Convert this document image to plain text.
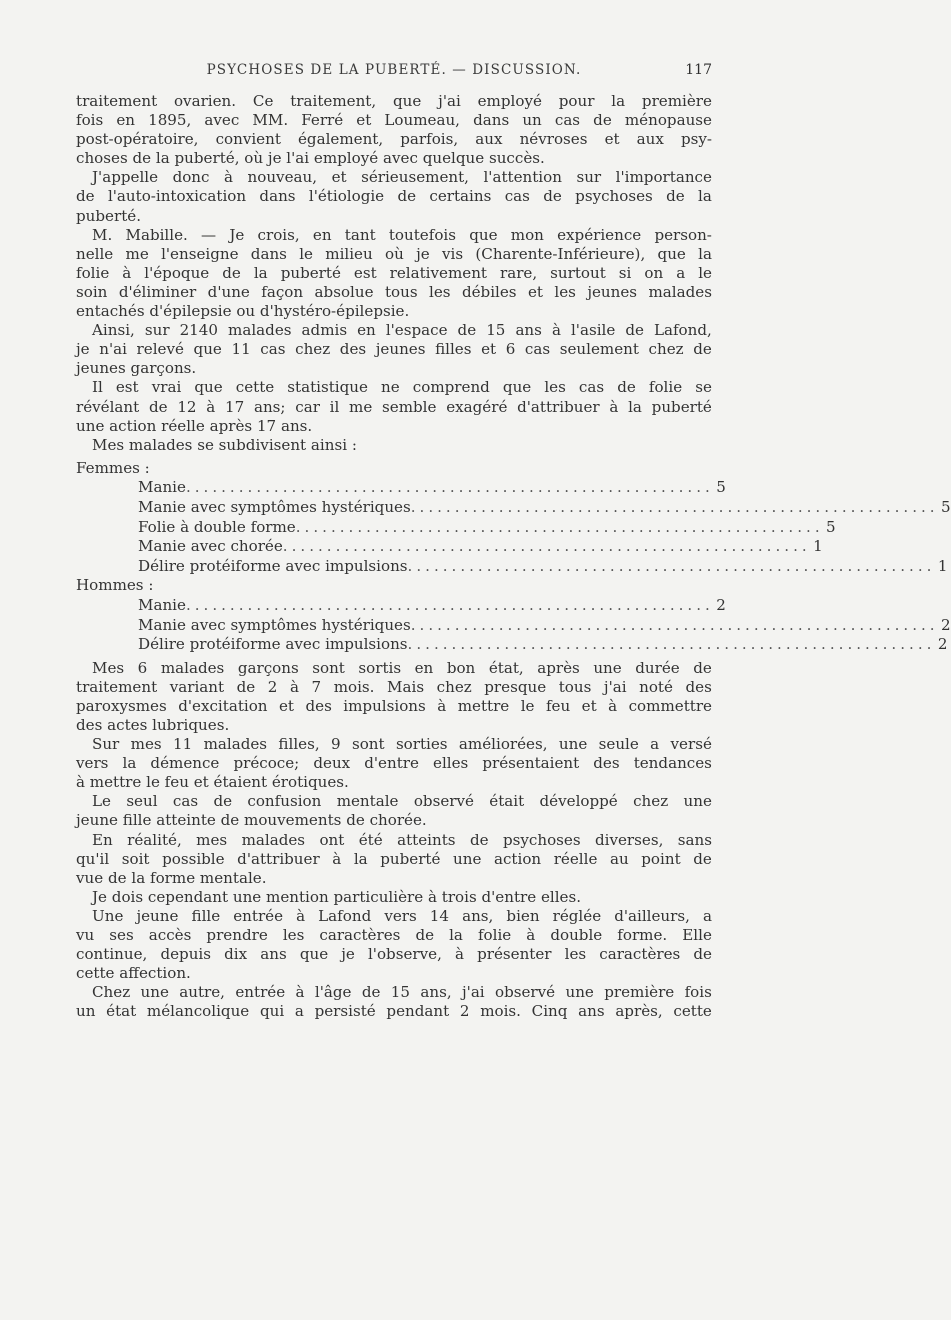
PSYCHOSES DE LA PUBERTÉ. — DISCUSSION.	117
traitement ovarien. Ce traitement, que j'ai employé pour la première
fois en 1895, avec MM. Ferré et Loumeau, dans un cas de ménopause
post-opératoire, convient également, parfois, aux névroses et aux psy-
choses de la puberté, où je l'ai employé avec quelque succès.
J'appelle donc à nouveau, et sérieusement, l'attention sur l'importance
de l'auto-intoxication dans l'étiologie de certains cas de psychoses de la
puberté.
M. Mabille. — Je crois, en tant toutefois que mon expérience person-
nelle me l'enseigne dans le milieu où je vis (Charente-Inférieure), que la
folie à l'époque de la puberté est relativement rare, surtout si on a le
soin d'éliminer d'une façon absolue tous les débiles et les jeunes malades
entachés d'épilepsie ou d'hystéro-épilepsie.
Ainsi, sur 2140 malades admis en l'espace de 15 ans à l'asile de Lafond,
je n'ai relevé que 11 cas chez des jeunes filles et 6 cas seulement chez de
jeunes garçons.
Il est vrai que cette statistique ne comprend que les cas de folie se
révélant de 12 à 17 ans; car il me semble exagéré d'attribuer à la puberté
une action réelle après 17 ans.
Mes malades se subdivisent ainsi :
Femmes :
Manie ............................................................ 5
Manie avec symptômes hystériques ............................................................ 5
Folie à double forme ............................................................ 5
Manie avec chorée ............................................................ 1
Délire protéiforme avec impulsions ............................................................ 1
Hommes :
Manie ............................................................ 2
Manie avec symptômes hystériques ............................................................ 2
Délire protéiforme avec impulsions ............................................................ 2
Mes 6 malades garçons sont sortis en bon état, après une durée de
traitement variant de 2 à 7 mois. Mais chez presque tous j'ai noté des
paroxysmes d'excitation et des impulsions à mettre le feu et à commettre
des actes lubriques.
Sur mes 11 malades filles, 9 sont sorties améliorées, une seule a versé
vers la démence précoce; deux d'entre elles présentaient des tendances
à mettre le feu et étaient érotiques.
Le seul cas de confusion mentale observé était développé chez une
jeune fille atteinte de mouvements de chorée.
En réalité, mes malades ont été atteints de psychoses diverses, sans
qu'il soit possible d'attribuer à la puberté une action réelle au point de
vue de la forme mentale.
Je dois cependant une mention particulière à trois d'entre elles.
Une jeune fille entrée à Lafond vers 14 ans, bien réglée d'ailleurs, a
vu ses accès prendre les caractères de la folie à double forme. Elle
continue, depuis dix ans que je l'observe, à présenter les caractères de
cette affection.
Chez une autre, entrée à l'âge de 15 ans, j'ai observé une première fois
un état mélancolique qui a persisté pendant 2 mois. Cinq ans après, cette
